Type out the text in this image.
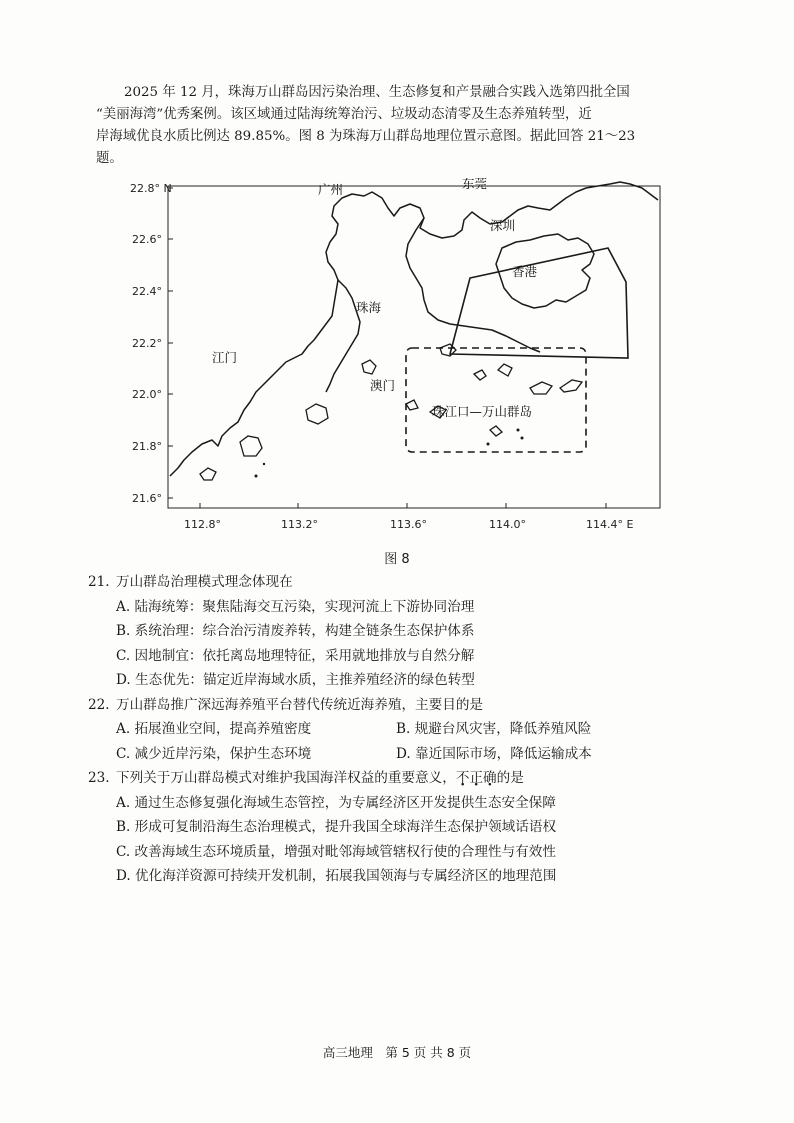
2025 年 12 月，珠海万山群岛因污染治理、生态修复和产景融合实践入选第四批全国
“美丽海湾”优秀案例。该区域通过陆海统筹治污、垃圾动态清零及生态养殖转型，近
岸海域优良水质比例达 89.85%。图 8 为珠海万山群岛地理位置示意图。据此回答 21～23
题。

22.8° N
22.6°
22.4°
22.2°
22.0°
21.8°
21.6°
112.8°	113.2°	113.6°	114.0°	114.4° E
广州	东莞
深圳
香港
珠海
江门
澳门
珠江口—万山群岛
图 8
21. 万山群岛治理模式理念体现在
A. 陆海统筹：聚焦陆海交互污染，实现河流上下游协同治理
B. 系统治理：综合治污清废养转，构建全链条生态保护体系
C. 因地制宜：依托离岛地理特征，采用就地排放与自然分解
D. 生态优先：锚定近岸海域水质，主推养殖经济的绿色转型
22. 万山群岛推广深远海养殖平台替代传统近海养殖，主要目的是
A. 拓展渔业空间，提高养殖密度	B. 规避台风灾害，降低养殖风险
C. 减少近岸污染，保护生态环境	D. 靠近国际市场，降低运输成本
23. 下列关于万山群岛模式对维护我国海洋权益的重要意义，不正确的是
A. 通过生态修复强化海域生态管控，为专属经济区开发提供生态安全保障
B. 形成可复制沿海生态治理模式，提升我国全球海洋生态保护领域话语权
C. 改善海域生态环境质量，增强对毗邻海域管辖权行使的合理性与有效性
D. 优化海洋资源可持续开发机制，拓展我国领海与专属经济区的地理范围
高三地理　第 5 页 共 8 页
